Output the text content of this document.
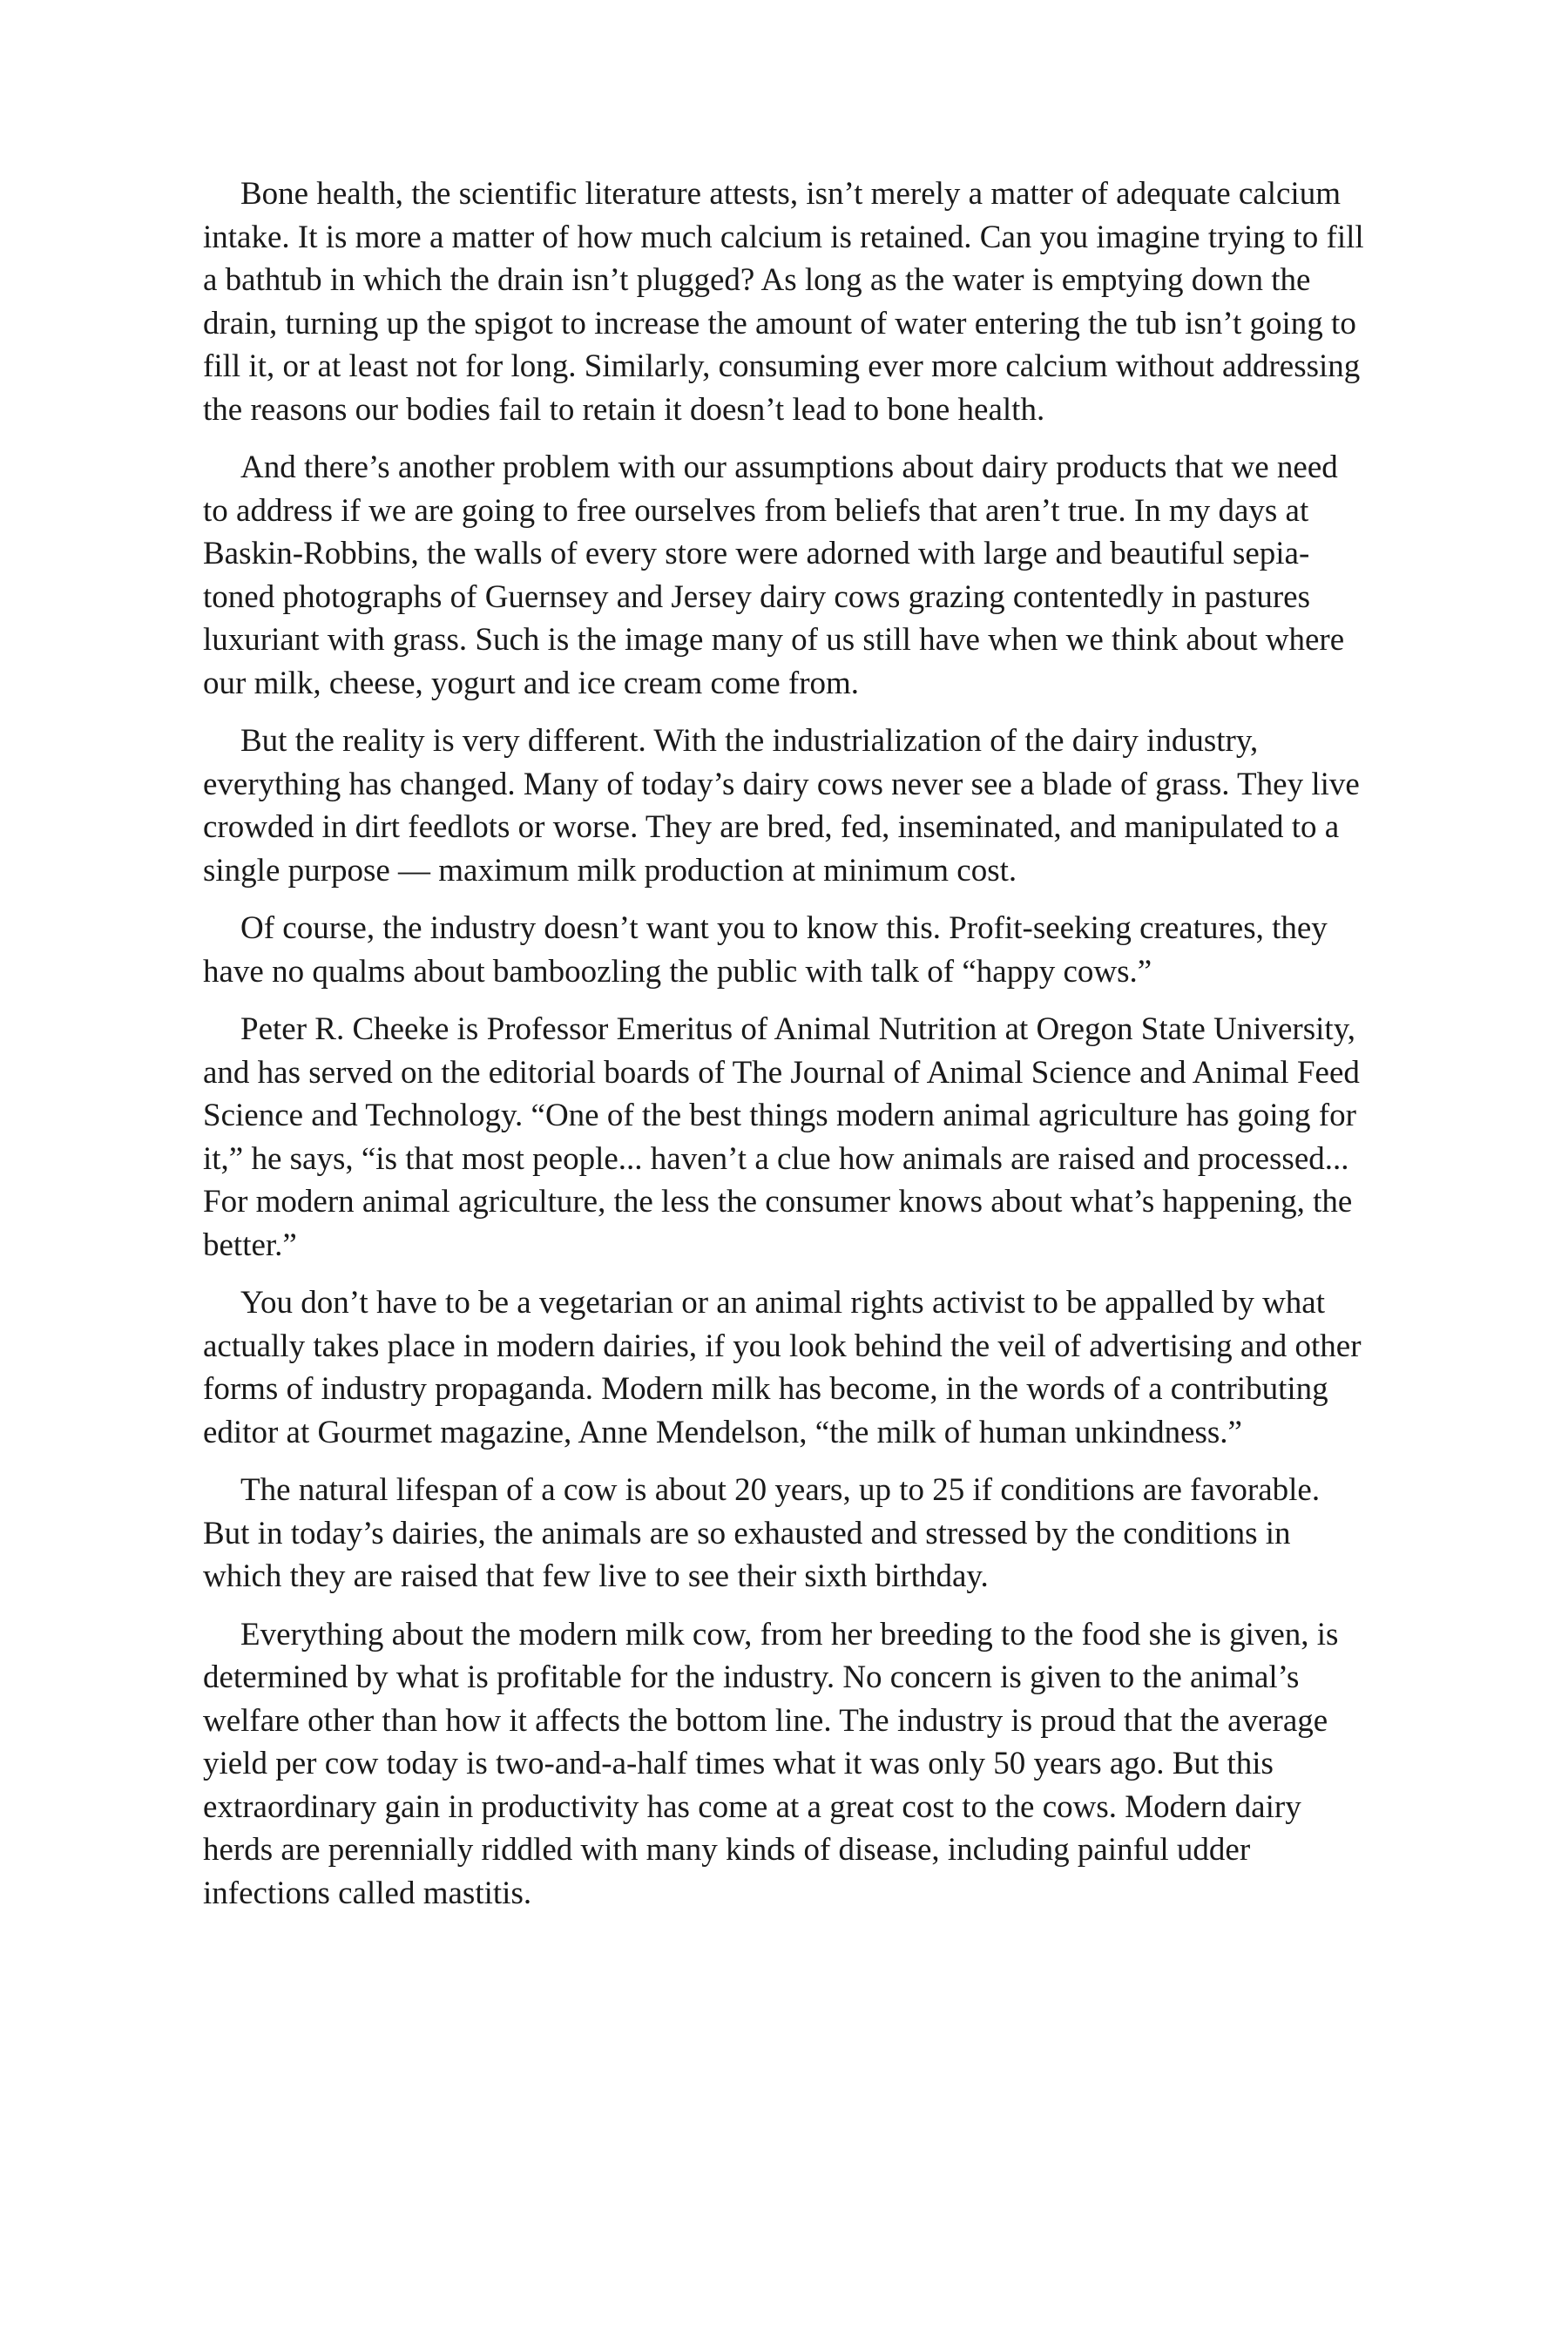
Bone health, the scientific literature attests, isn’t merely a matter of adequate calcium intake. It is more a matter of how much calcium is retained. Can you imagine trying to fill a bathtub in which the drain isn’t plugged? As long as the water is emptying down the drain, turning up the spigot to increase the amount of water entering the tub isn’t going to fill it, or at least not for long. Similarly, consuming ever more calcium without addressing the reasons our bodies fail to retain it doesn’t lead to bone health.

And there’s another problem with our assumptions about dairy products that we need to address if we are going to free ourselves from beliefs that aren’t true. In my days at Baskin-Robbins, the walls of every store were adorned with large and beautiful sepia-toned photographs of Guernsey and Jersey dairy cows grazing contentedly in pastures luxuriant with grass. Such is the image many of us still have when we think about where our milk, cheese, yogurt and ice cream come from.

But the reality is very different. With the industrialization of the dairy industry, everything has changed. Many of today’s dairy cows never see a blade of grass. They live crowded in dirt feedlots or worse. They are bred, fed, inseminated, and manipulated to a single purpose — maximum milk production at minimum cost.

Of course, the industry doesn’t want you to know this. Profit-seeking creatures, they have no qualms about bamboozling the public with talk of “happy cows.”

Peter R. Cheeke is Professor Emeritus of Animal Nutrition at Oregon State University, and has served on the editorial boards of The Journal of Animal Science and Animal Feed Science and Technology. “One of the best things modern animal agriculture has going for it,” he says, “is that most people... haven’t a clue how animals are raised and processed... For modern animal agriculture, the less the consumer knows about what’s happening, the better.”

You don’t have to be a vegetarian or an animal rights activist to be appalled by what actually takes place in modern dairies, if you look behind the veil of advertising and other forms of industry propaganda. Modern milk has become, in the words of a contributing editor at Gourmet magazine, Anne Mendelson, “the milk of human unkindness.”

The natural lifespan of a cow is about 20 years, up to 25 if conditions are favorable. But in today’s dairies, the animals are so exhausted and stressed by the conditions in which they are raised that few live to see their sixth birthday.

Everything about the modern milk cow, from her breeding to the food she is given, is determined by what is profitable for the industry. No concern is given to the animal’s welfare other than how it affects the bottom line. The industry is proud that the average yield per cow today is two-and-a-half times what it was only 50 years ago. But this extraordinary gain in productivity has come at a great cost to the cows. Modern dairy herds are perennially riddled with many kinds of disease, including painful udder infections called mastitis.
